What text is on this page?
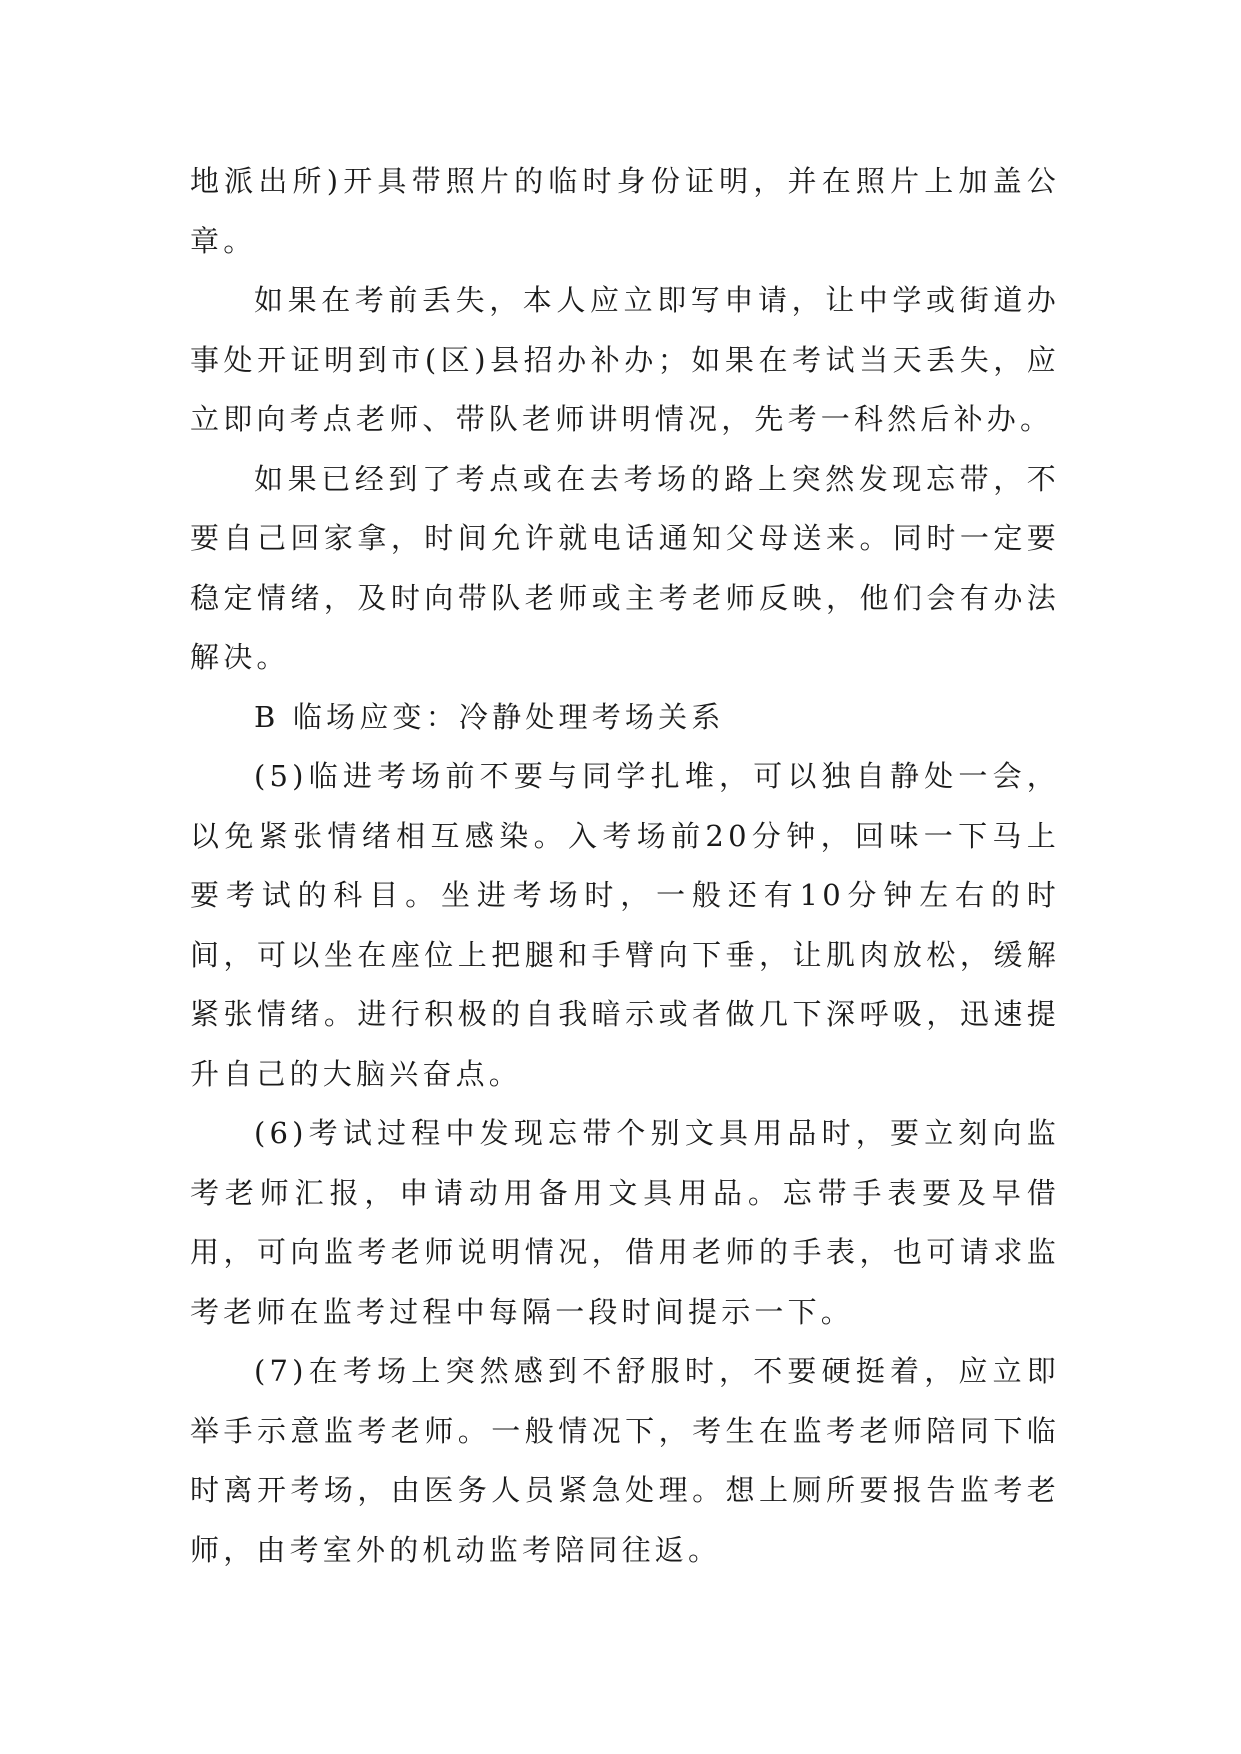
地派出所)开具带照片的临时身份证明，并在照片上加盖公章。

如果在考前丢失，本人应立即写申请，让中学或街道办事处开证明到市(区)县招办补办；如果在考试当天丢失，应立即向考点老师、带队老师讲明情况，先考一科然后补办。

如果已经到了考点或在去考场的路上突然发现忘带，不要自己回家拿，时间允许就电话通知父母送来。同时一定要稳定情绪，及时向带队老师或主考老师反映，他们会有办法解决。

B 临场应变：冷静处理考场关系

(5)临进考场前不要与同学扎堆，可以独自静处一会，以免紧张情绪相互感染。入考场前20分钟，回味一下马上要考试的科目。坐进考场时，一般还有10分钟左右的时间，可以坐在座位上把腿和手臂向下垂，让肌肉放松，缓解紧张情绪。进行积极的自我暗示或者做几下深呼吸，迅速提升自己的大脑兴奋点。

(6)考试过程中发现忘带个别文具用品时，要立刻向监考老师汇报，申请动用备用文具用品。忘带手表要及早借用，可向监考老师说明情况，借用老师的手表，也可请求监考老师在监考过程中每隔一段时间提示一下。

(7)在考场上突然感到不舒服时，不要硬挺着，应立即举手示意监考老师。一般情况下，考生在监考老师陪同下临时离开考场，由医务人员紧急处理。想上厕所要报告监考老师，由考室外的机动监考陪同往返。
